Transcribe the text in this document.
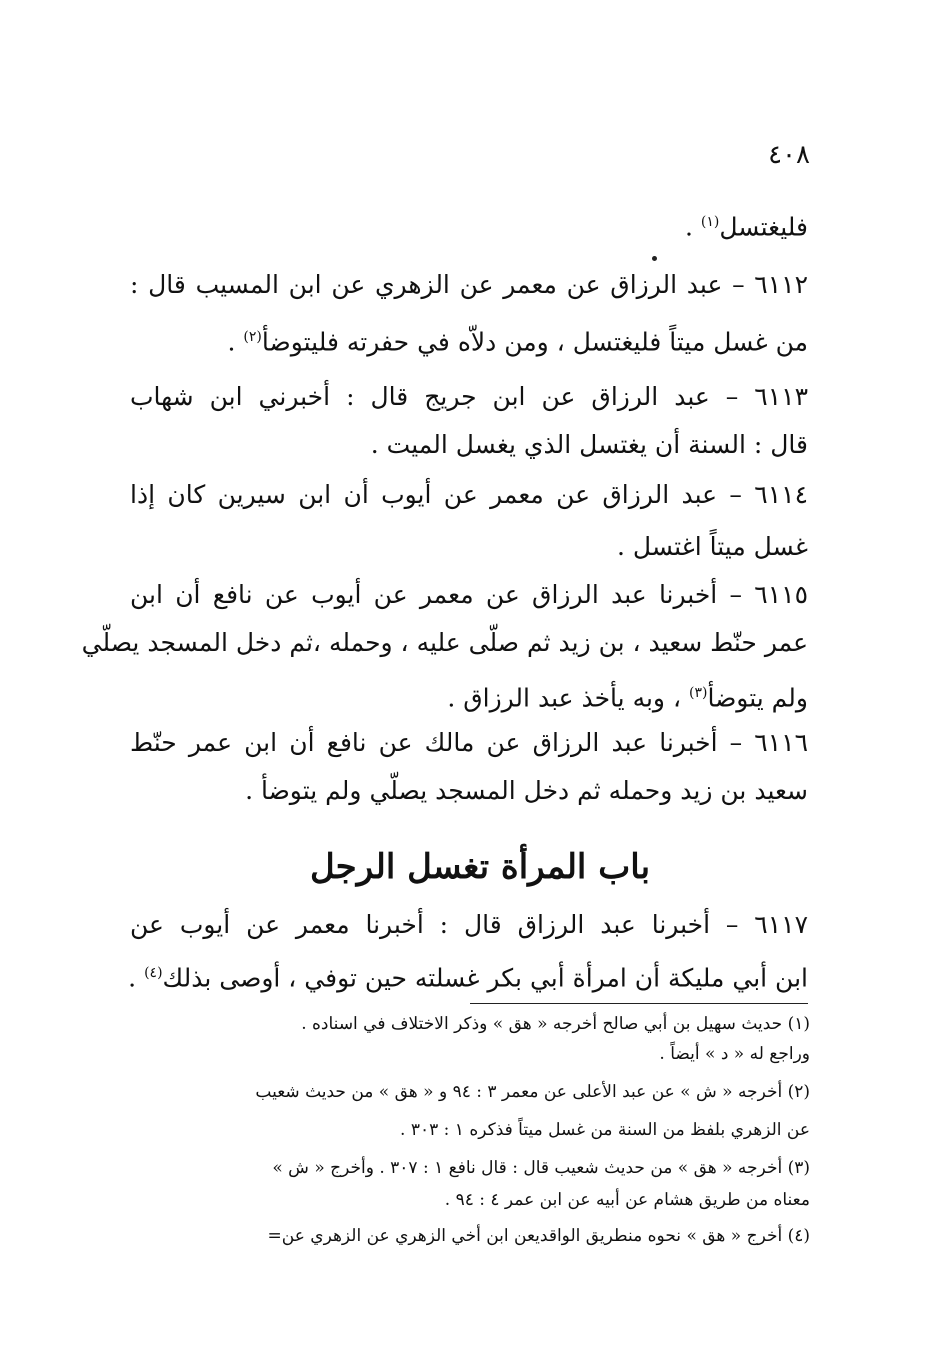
٤٠٨
فليغتسل$^{(١)}$ .
٦١١٢ – عبد الرزاق عن معمر عن الزهري عن ابن المسيب قال :
من غسل ميتاً فليغتسل ، ومن دلاّه في حفرته فليتوضأ$^{(٢)}$ .
٦١١٣ – عبد الرزاق عن ابن جريج قال : أخبرني ابن شهاب
قال : السنة أن يغتسل الذي يغسل الميت .
٦١١٤ – عبد الرزاق عن معمر عن أيوب أن ابن سيرين كان إذا
غسل ميتاً اغتسل .
٦١١٥ – أخبرنا عبد الرزاق عن معمر عن أيوب عن نافع أن ابن
عمر حنّط سعيد ، بن زيد ثم صلّى عليه ، وحمله ،ثم دخل المسجد يصلّي
ولم يتوضأ$^{(٣)}$ ، وبه يأخذ عبد الرزاق .
٦١١٦ – أخبرنا عبد الرزاق عن مالك عن نافع أن ابن عمر حنّط
سعيد بن زيد وحمله ثم دخل المسجد يصلّي ولم يتوضأ .
باب المرأة تغسل الرجل
٦١١٧ – أخبرنا عبد الرزاق قال : أخبرنا معمر عن أيوب عن
ابن أبي مليكة أن امرأة أبي بكر غسلته حين توفي ، أوصى بذلك$^{(٤)}$ .
(١) حديث سهيل بن أبي صالح أخرجه « هق » وذكر الاختلاف في اسناده .
وراجع له « د » أيضاً .
(٢) أخرجه « ش » عن عبد الأعلى عن معمر ٣ : ٩٤ و « هق » من حديث شعيب
عن الزهري بلفظ من السنة من غسل ميتاً فذكره ١ : ٣٠٣ .
(٣) أخرجه « هق » من حديث شعيب قال : قال نافع ١ : ٣٠٧ . وأخرج « ش »
معناه من طريق هشام عن أبيه عن ابن عمر ٤ : ٩٤ .
(٤) أخرج « هق » نحوه منطريق الواقديعن ابن أخي الزهري عن الزهري عن=
